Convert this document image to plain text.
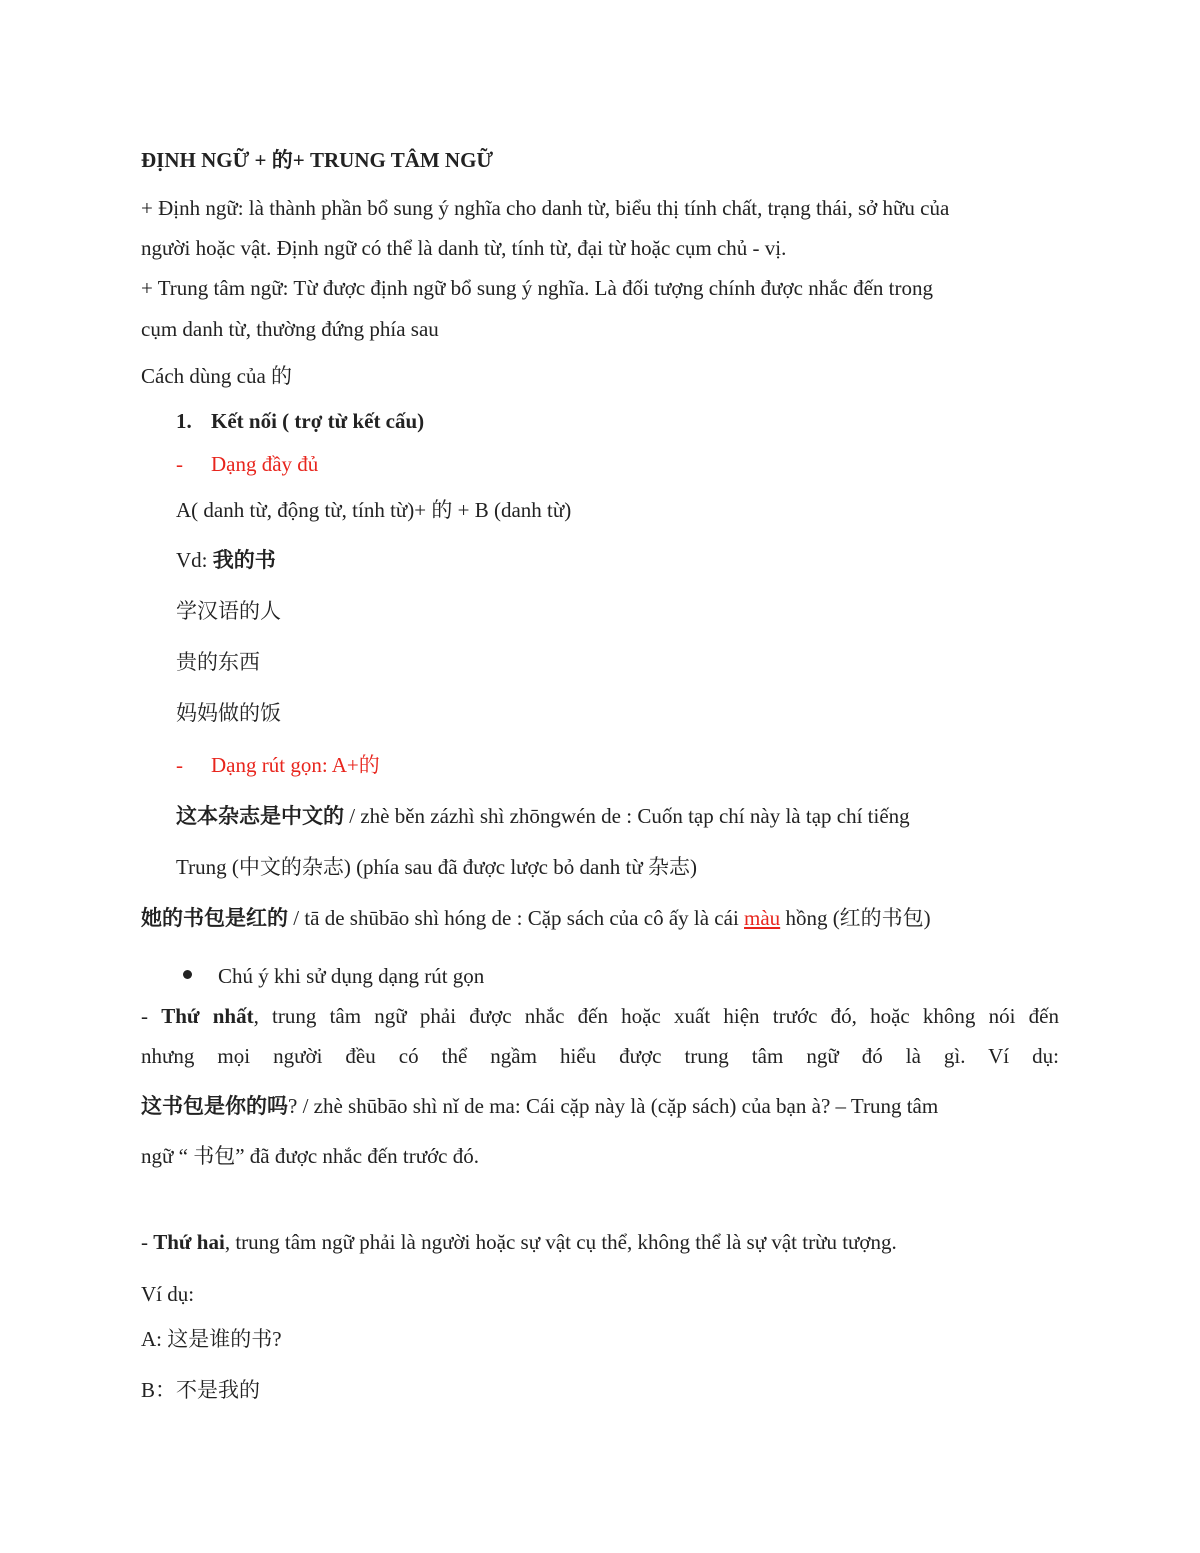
ĐỊNH NGỮ + 的+ TRUNG TÂM NGỮ
+ Định ngữ: là thành phần bổ sung ý nghĩa cho danh từ, biểu thị tính chất, trạng thái, sở hữu của
người hoặc vật. Định ngữ có thể là danh từ, tính từ, đại từ hoặc cụm chủ - vị.
+ Trung tâm ngữ: Từ được định ngữ bổ sung ý nghĩa. Là đối tượng chính được nhắc đến trong
cụm danh từ, thường đứng phía sau
Cách dùng của 的
1. Kết nối ( trợ từ kết cấu)
- Dạng đầy đủ
A( danh từ, động từ, tính từ)+ 的 + B (danh từ)
Vd: 我的书
学汉语的人
贵的东西
妈妈做的饭
- Dạng rút gọn: A+的
这本杂志是中文的 / zhè běn zázhì shì zhōngwén de : Cuốn tạp chí này là tạp chí tiếng
Trung (中文的杂志) (phía sau đã được lược bỏ danh từ 杂志)
她的书包是红的 / tā de shūbāo shì hóng de : Cặp sách của cô ấy là cái màu hồng (红的书包)
Chú ý khi sử dụng dạng rút gọn
- Thứ nhất, trung tâm ngữ phải được nhắc đến hoặc xuất hiện trước đó, hoặc không nói đến
nhưng mọi người đều có thể ngầm hiểu được trung tâm ngữ đó là gì. Ví dụ:
这书包是你的吗? / zhè shūbāo shì nǐ de ma: Cái cặp này là (cặp sách) của bạn à? – Trung tâm
ngữ “ 书包” đã được nhắc đến trước đó.
- Thứ hai, trung tâm ngữ phải là người hoặc sự vật cụ thể, không thể là sự vật trừu tượng.
Ví dụ:
A: 这是谁的书?
B：不是我的
